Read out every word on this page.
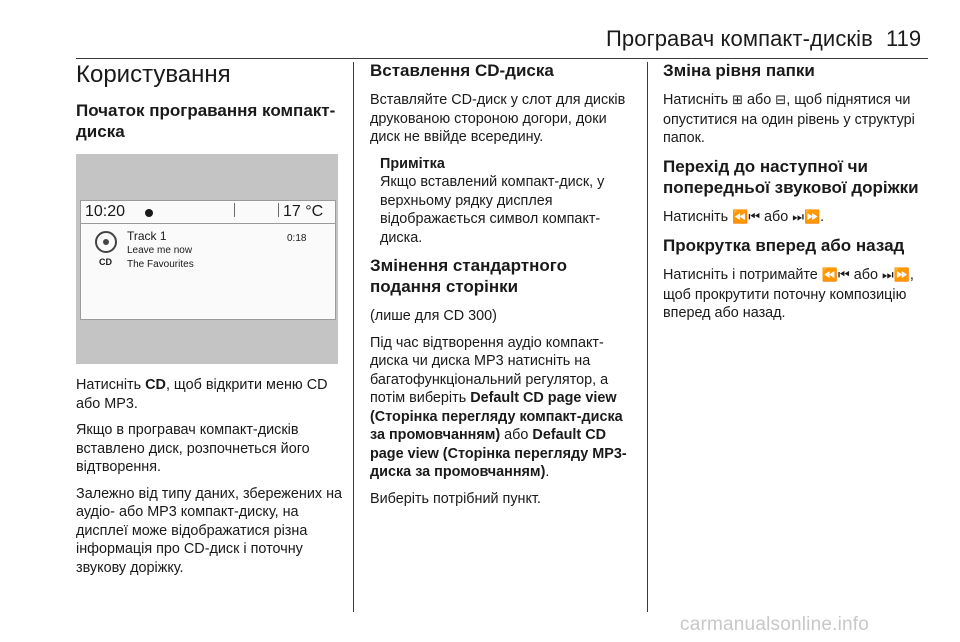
Програвач компакт-дисків 119
Користування
Початок програвання компакт-диска
10:20	17 °C
CD
Track 1
Leave me now
The Favourites
0:18

Натисніть CD, щоб відкрити меню CD або MP3.

Якщо в програвач компакт-дисків вставлено диск, розпочнеться його відтворення.

Залежно від типу даних, збережених на аудіо- або MP3 компакт-диску, на дисплеї може відображатися різна інформація про CD-диск і поточну звукову доріжку.

Вставлення CD-диска

Вставляйте CD-диск у слот для дисків друкованою стороною догори, доки диск не ввійде всередину.

Примітка
Якщо вставлений компакт-диск, у верхньому рядку дисплея відображається символ компакт-диска.
Змінення стандартного подання сторінки

(лише для CD 300)

Під час відтворення аудіо компакт-диска чи диска MP3 натисніть на багатофункціональний регулятор, а потім виберіть Default CD page view (Сторінка перегляду компакт-диска за промовчанням) або Default CD page view (Сторінка перегляду MP3-диска за промовчанням).

Виберіть потрібний пункт.

Зміна рівня папки

Натисніть ⊞ або ⊟, щоб піднятися чи опуститися на один рівень у структурі папок.

Перехід до наступної чи попередньої звукової доріжки

Натисніть ⏪⏮ або ⏭⏩.

Прокрутка вперед або назад

Натисніть і потримайте ⏪⏮ або ⏭⏩, щоб прокрутити поточну композицію вперед або назад.

carmanualsonline.info
